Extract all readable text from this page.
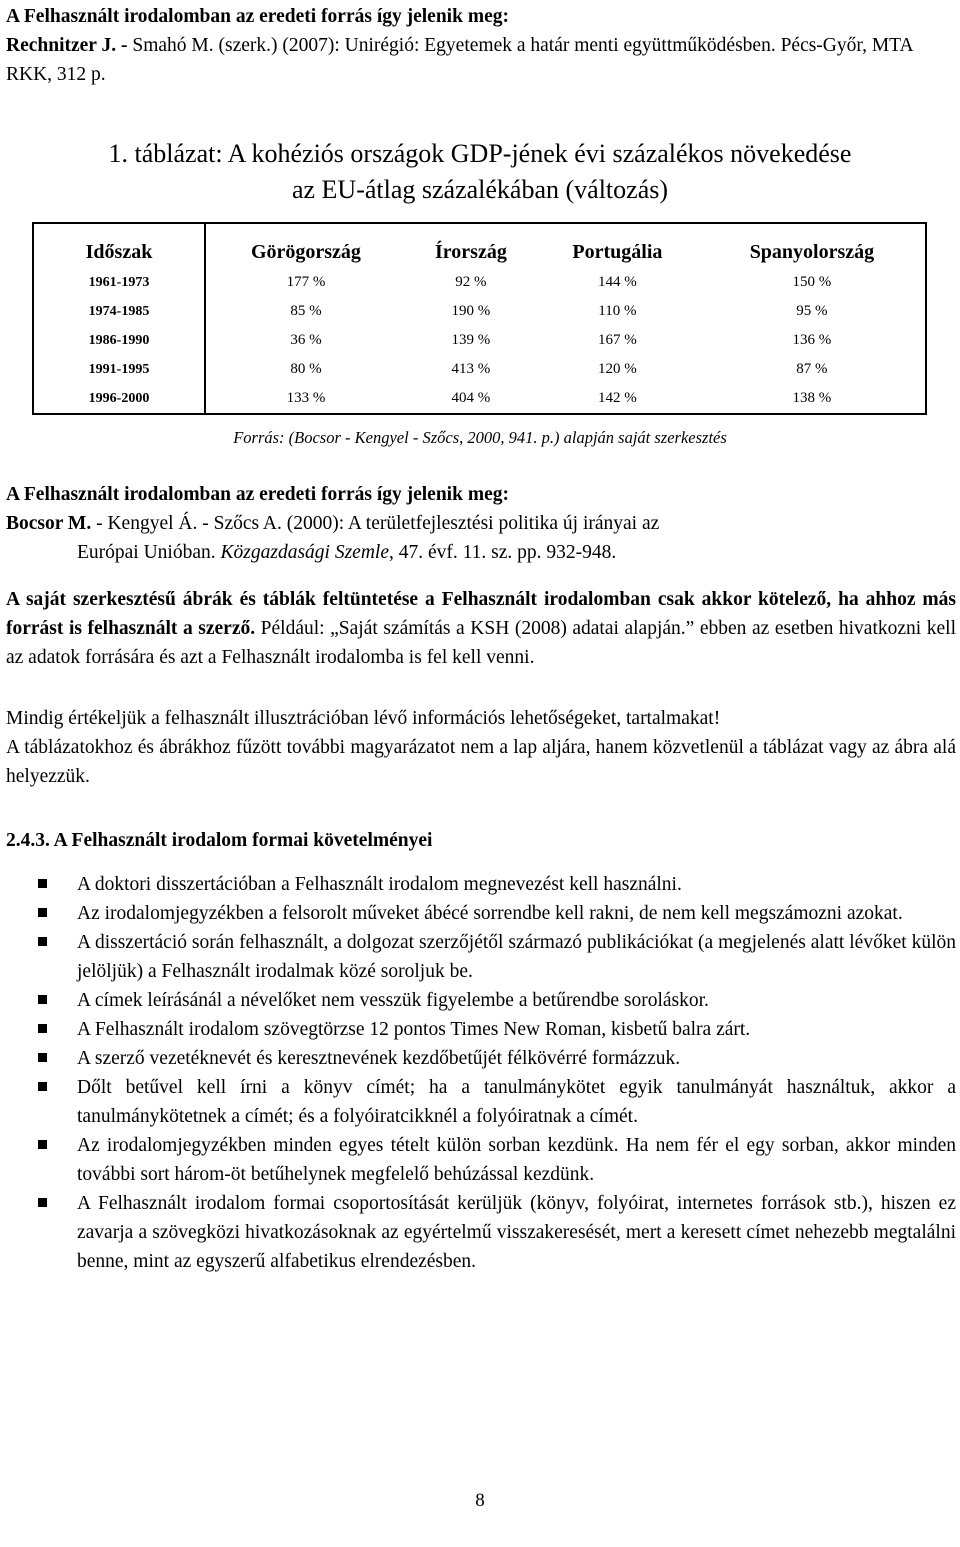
A Felhasznált irodalomban az eredeti forrás így jelenik meg:
Rechnitzer J. - Smahó M. (szerk.) (2007): Unirégió: Egyetemek a határ menti együttműködésben. Pécs-Győr, MTA RKK, 312 p.
1. táblázat: A kohéziós országok GDP-jének évi százalékos növekedése
az EU-átlag százalékában (változás)
Időszak	Görögország	Írország	Portugália	Spanyolország
1961-1973	177 %	92 %	144 %	150 %
1974-1985	85 %	190 %	110 %	95 %
1986-1990	36 %	139 %	167 %	136 %
1991-1995	80 %	413 %	120 %	87 %
1996-2000	133 %	404 %	142 %	138 %
Forrás: (Bocsor - Kengyel - Szőcs, 2000, 941. p.) alapján saját szerkesztés
A Felhasznált irodalomban az eredeti forrás így jelenik meg:
Bocsor M. - Kengyel Á. - Szőcs A. (2000): A területfejlesztési politika új irányai az
Európai Unióban. Közgazdasági Szemle, 47. évf. 11. sz. pp. 932-948.
A saját szerkesztésű ábrák és táblák feltüntetése a Felhasznált irodalomban csak akkor kötelező, ha ahhoz más forrást is felhasznált a szerző. Például: „Saját számítás a KSH (2008) adatai alapján.” ebben az esetben hivatkozni kell az adatok forrására és azt a Felhasznált irodalomba is fel kell venni.
Mindig értékeljük a felhasznált illusztrációban lévő információs lehetőségeket, tartalmakat!
A táblázatokhoz és ábrákhoz fűzött további magyarázatot nem a lap aljára, hanem közvetlenül a táblázat vagy az ábra alá helyezzük.
2.4.3. A Felhasznált irodalom formai követelményei
A doktori disszertációban a Felhasznált irodalom megnevezést kell használni.
Az irodalomjegyzékben a felsorolt műveket ábécé sorrendbe kell rakni, de nem kell megszámozni azokat.
A disszertáció során felhasznált, a dolgozat szerzőjétől származó publikációkat (a megjelenés alatt lévőket külön jelöljük) a Felhasznált irodalmak közé soroljuk be.
A címek leírásánál a névelőket nem vesszük figyelembe a betűrendbe soroláskor.
A Felhasznált irodalom szövegtörzse 12 pontos Times New Roman, kisbetű balra zárt.
A szerző vezetéknevét és keresztnevének kezdőbetűjét félkövérré formázzuk.
Dőlt betűvel kell írni a könyv címét; ha a tanulmánykötet egyik tanulmányát használtuk, akkor a tanulmánykötetnek a címét; és a folyóiratcikknél a folyóiratnak a címét.
Az irodalomjegyzékben minden egyes tételt külön sorban kezdünk. Ha nem fér el egy sorban, akkor minden további sort három-öt betűhelynek megfelelő behúzással kezdünk.
A Felhasznált irodalom formai csoportosítását kerüljük (könyv, folyóirat, internetes források stb.), hiszen ez zavarja a szövegközi hivatkozásoknak az egyértelmű visszakeresését, mert a keresett címet nehezebb megtalálni benne, mint az egyszerű alfabetikus elrendezésben.
8
